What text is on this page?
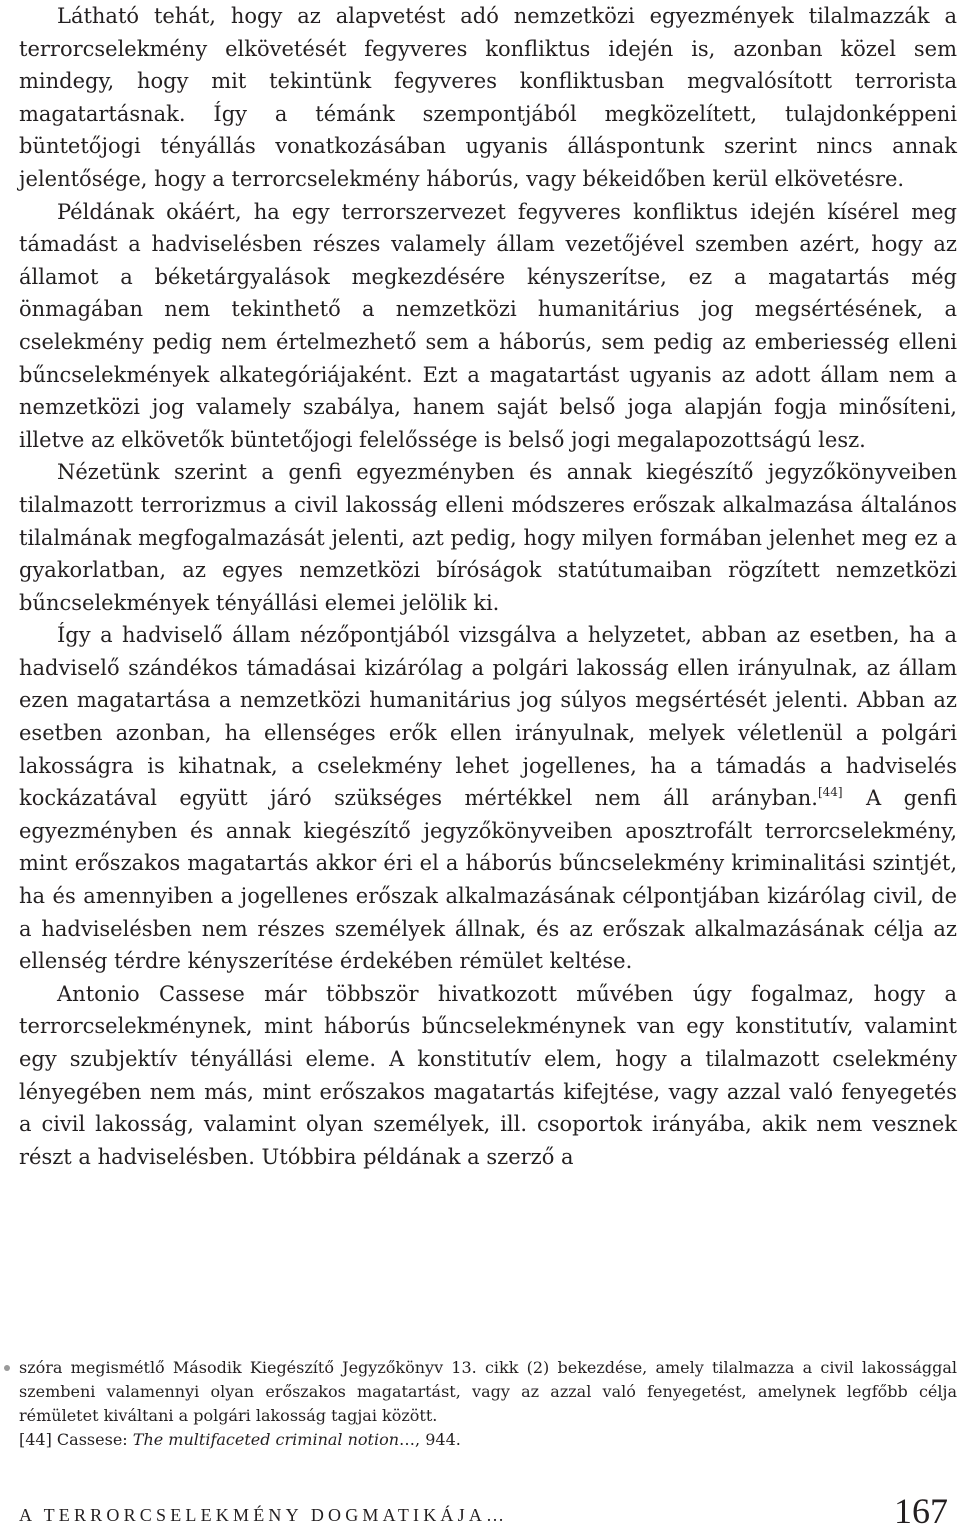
Látható tehát, hogy az alapvetést adó nemzetközi egyezmények tilalmazzák a terrorcselekmény elkövetését fegyveres konfliktus idején is, azonban közel sem mindegy, hogy mit tekintünk fegyveres konfliktusban megvalósított terrorista magatartásnak. Így a témánk szempontjából megközelített, tulajdonképpeni büntetőjogi tényállás vonatkozásában ugyanis álláspontunk szerint nincs annak jelentősége, hogy a terrorcselekmény háborús, vagy békeidőben kerül elkövetésre.

Példának okáért, ha egy terrorszervezet fegyveres konfliktus idején kísérel meg támadást a hadviselésben részes valamely állam vezetőjével szemben azért, hogy az államot a béketárgyalások megkezdésére kényszerítse, ez a magatartás még önmagában nem tekinthető a nemzetközi humanitárius jog megsértésének, a cselekmény pedig nem értelmezhető sem a háborús, sem pedig az emberiesség elleni bűncselekmények alkategóriájaként. Ezt a magatartást ugyanis az adott állam nem a nemzetközi jog valamely szabálya, hanem saját belső joga alapján fogja minősíteni, illetve az elkövetők büntetőjogi felelőssége is belső jogi megalapozottságú lesz.

Nézetünk szerint a genfi egyezményben és annak kiegészítő jegyzőkönyveiben tilalmazott terrorizmus a civil lakosság elleni módszeres erőszak alkalmazása általános tilalmának megfogalmazását jelenti, azt pedig, hogy milyen formában jelenhet meg ez a gyakorlatban, az egyes nemzetközi bíróságok statútumaiban rögzített nemzetközi bűncselekmények tényállási elemei jelölik ki.

Így a hadviselő állam nézőpontjából vizsgálva a helyzetet, abban az esetben, ha a hadviselő szándékos támadásai kizárólag a polgári lakosság ellen irányulnak, az állam ezen magatartása a nemzetközi humanitárius jog súlyos megsértését jelenti. Abban az esetben azonban, ha ellenséges erők ellen irányulnak, melyek véletlenül a polgári lakosságra is kihatnak, a cselekmény lehet jogellenes, ha a támadás a hadviselés kockázatával együtt járó szükséges mértékkel nem áll arányban.[44] A genfi egyezményben és annak kiegészítő jegyzőkönyveiben aposztrofált terrorcselekmény, mint erőszakos magatartás akkor éri el a háborús bűncselekmény kriminalitási szintjét, ha és amennyiben a jogellenes erőszak alkalmazásának célpontjában kizárólag civil, de a hadviselésben nem részes személyek állnak, és az erőszak alkalmazásának célja az ellenség térdre kényszerítése érdekében rémület keltése.

Antonio Cassese már többször hivatkozott művében úgy fogalmaz, hogy a terrorcselekménynek, mint háborús bűncselekménynek van egy konstitutív, valamint egy szubjektív tényállási eleme. A konstitutív elem, hogy a tilalmazott cselekmény lényegében nem más, mint erőszakos magatartás kifejtése, vagy azzal való fenyegetés a civil lakosság, valamint olyan személyek, ill. csoportok irányába, akik nem vesznek részt a hadviselésben. Utóbbira példának a szerző a

szóra megismétlő Második Kiegészítő Jegyzőkönyv 13. cikk (2) bekezdése, amely tilalmazza a civil lakossággal szembeni valamennyi olyan erőszakos magatartást, vagy az azzal való fenyegetést, amelynek legfőbb célja rémületet kiváltani a polgári lakosság tagjai között.

[44] Cassese: The multifaceted criminal notion…, 944.

A TERRORCSELEKMÉNY DOGMATIKÁJA…	167
